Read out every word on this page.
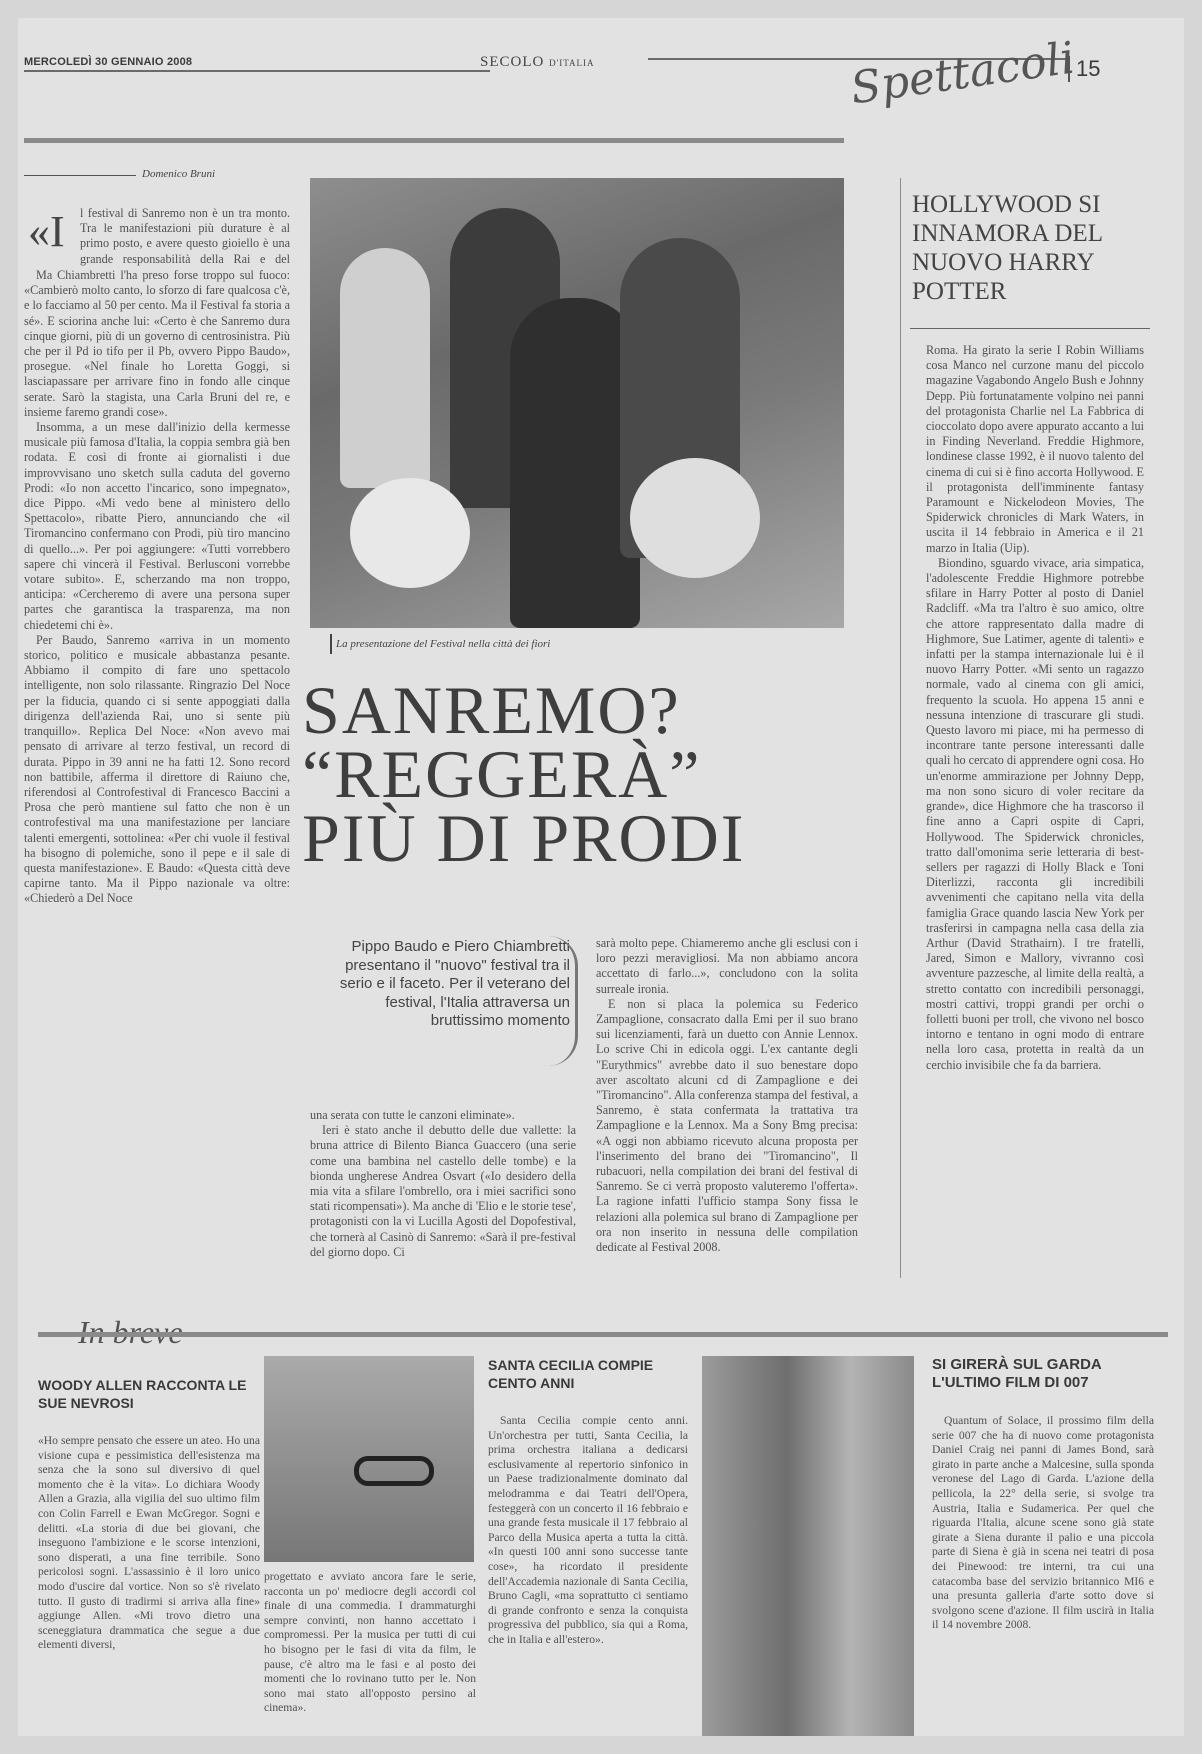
MERCOLEDÌ 30 GENNAIO 2008	SECOLO D'ITALIA	Spettacoli
15
Domenico Bruni
«I l festival di Sanremo non è un tra monto. Tra le manifestazioni più durature è al primo posto, e avere questo gioiello è una grande responsabilità della Rai e del

Ma Chiambretti l'ha preso forse troppo sul fuoco: «Cambierò molto canto, lo sforzo di fare qualcosa c'è, e lo facciamo al 50 per cento. Ma il Festival fa storia a sé». E sciorina anche lui: «Certo è che Sanremo dura cinque giorni, più di un governo di centrosinistra. Più che per il Pd io tifo per il Pb, ovvero Pippo Baudo», prosegue. «Nel finale ho Loretta Goggi, si lasciapassare per arrivare fino in fondo alle cinque serate. Sarò la stagista, una Carla Bruni del re, e insieme faremo grandi cose».

Insomma, a un mese dall'inizio della kermesse musicale più famosa d'Italia, la coppia sembra già ben rodata. E così di fronte ai giornalisti i due improvvisano uno sketch sulla caduta del governo Prodi: «Io non accetto l'incarico, sono impegnato», dice Pippo. «Mi vedo bene al ministero dello Spettacolo», ribatte Piero, annunciando che «il Tiromancino confermano con Prodi, più tiro mancino di quello...». Per poi aggiungere: «Tutti vorrebbero sapere chi vincerà il Festival. Berlusconi vorrebbe votare subito». E, scherzando ma non troppo, anticipa: «Cercheremo di avere una persona super partes che garantisca la trasparenza, ma non chiedetemi chi è».

Per Baudo, Sanremo «arriva in un momento storico, politico e musicale abbastanza pesante. Abbiamo il compito di fare uno spettacolo intelligente, non solo rilassante. Ringrazio Del Noce per la fiducia, quando ci si sente appoggiati dalla dirigenza dell'azienda Rai, uno si sente più tranquillo». Replica Del Noce: «Non avevo mai pensato di arrivare al terzo festival, un record di durata. Pippo in 39 anni ne ha fatti 12. Sono record non battibile, afferma il direttore di Raiuno che, riferendosi al Controfestival di Francesco Baccini a Prosa che però mantiene sul fatto che non è un controfestival ma una manifestazione per lanciare talenti emergenti, sottolinea: «Per chi vuole il festival ha bisogno di polemiche, sono il pepe e il sale di questa manifestazione». E Baudo: «Questa città deve capirne tanto. Ma il Pippo nazionale va oltre: «Chiederò a Del Noce

La presentazione del Festival nella città dei fiori
SANREMO?
“REGGERÀ”
PIÙ DI PRODI
Pippo Baudo e Piero Chiambretti presentano il "nuovo" festival tra il serio e il faceto. Per il veterano del festival, l'Italia attraversa un bruttissimo momento

una serata con tutte le canzoni eliminate».

Ieri è stato anche il debutto delle due vallette: la bruna attrice di Bilento Bianca Guaccero (una serie come una bambina nel castello delle tombe) e la bionda ungherese Andrea Osvart («Io desidero della mia vita a sfilare l'ombrello, ora i miei sacrifici sono stati ricompensati»). Ma anche di 'Elio e le storie tese', protagonisti con la vi Lucilla Agosti del Dopofestival, che tornerà al Casinò di Sanremo: «Sarà il pre-festival del giorno dopo. Ci

sarà molto pepe. Chiameremo anche gli esclusi con i loro pezzi meravigliosi. Ma non abbiamo ancora accettato di farlo...», concludono con la solita surreale ironia.

E non si placa la polemica su Federico Zampaglione, consacrato dalla Emi per il suo brano sui licenziamenti, farà un duetto con Annie Lennox. Lo scrive Chi in edicola oggi. L'ex cantante degli "Eurythmics" avrebbe dato il suo benestare dopo aver ascoltato alcuni cd di Zampaglione e dei "Tiromancino". Alla conferenza stampa del festival, a Sanremo, è stata confermata la trattativa tra Zampaglione e la Lennox. Ma a Sony Bmg precisa: «A oggi non abbiamo ricevuto alcuna proposta per l'inserimento del brano dei "Tiromancino", Il rubacuori, nella compilation dei brani del festival di Sanremo. Se ci verrà proposto valuteremo l'offerta». La ragione infatti l'ufficio stampa Sony fissa le relazioni alla polemica sul brano di Zampaglione per ora non inserito in nessuna delle compilation dedicate al Festival 2008.

HOLLYWOOD SI INNAMORA DEL NUOVO HARRY POTTER

Roma. Ha girato la serie I Robin Williams cosa Manco nel curzone manu del piccolo magazine Vagabondo Angelo Bush e Johnny Depp. Più fortunatamente volpino nei panni del protagonista Charlie nel La Fabbrica di cioccolato dopo avere appurato accanto a lui in Finding Neverland. Freddie Highmore, londinese classe 1992, è il nuovo talento del cinema di cui si è fino accorta Hollywood. E il protagonista dell'imminente fantasy Paramount e Nickelodeon Movies, The Spiderwick chronicles di Mark Waters, in uscita il 14 febbraio in America e il 21 marzo in Italia (Uip).

Biondino, sguardo vivace, aria simpatica, l'adolescente Freddie Highmore potrebbe sfilare in Harry Potter al posto di Daniel Radcliff. «Ma tra l'altro è suo amico, oltre che attore rappresentato dalla madre di Highmore, Sue Latimer, agente di talenti» e infatti per la stampa internazionale lui è il nuovo Harry Potter. «Mi sento un ragazzo normale, vado al cinema con gli amici, frequento la scuola. Ho appena 15 anni e nessuna intenzione di trascurare gli studi. Questo lavoro mi piace, mi ha permesso di incontrare tante persone interessanti dalle quali ho cercato di apprendere ogni cosa. Ho un'enorme ammirazione per Johnny Depp, ma non sono sicuro di voler recitare da grande», dice Highmore che ha trascorso il fine anno a Capri ospite di Capri, Hollywood. The Spiderwick chronicles, tratto dall'omonima serie letteraria di best-sellers per ragazzi di Holly Black e Toni Diterlizzi, racconta gli incredibili avvenimenti che capitano nella vita della famiglia Grace quando lascia New York per trasferirsi in campagna nella casa della zia Arthur (David Strathairn). I tre fratelli, Jared, Simon e Mallory, vivranno così avventure pazzesche, al limite della realtà, a stretto contatto con incredibili personaggi, mostri cattivi, troppi grandi per orchi o folletti buoni per troll, che vivono nel bosco intorno e tentano in ogni modo di entrare nella loro casa, protetta in realtà da un cerchio invisibile che fa da barriera.

WOODY ALLEN RACCONTA LE SUE NEVROSI

«Ho sempre pensato che essere un ateo. Ho una visione cupa e pessimistica dell'esistenza ma senza che la sono sul diversivo di quel momento che è la vita». Lo dichiara Woody Allen a Grazia, alla vigilia del suo ultimo film con Colin Farrell e Ewan McGregor. Sogni e delitti. «La storia di due bei giovani, che inseguono l'ambizione e le scorse intenzioni, sono disperati, a una fine terribile. Sono pericolosi sogni. L'assassinio è il loro unico modo d'uscire dal vortice. Non so s'è rivelato tutto. Il gusto di tradirmi si arriva alla fine» aggiunge Allen. «Mi trovo dietro una sceneggiatura drammatica che segue a due elementi diversi,

progettato e avviato ancora fare le serie, racconta un po' mediocre degli accordi col finale di una commedia. I drammaturghi sempre convinti, non hanno accettato i compromessi. Per la musica per tutti di cui ho bisogno per le fasi di vita da film, le pause, c'è altro ma le fasi e al posto dei momenti che lo rovinano tutto per le. Non sono mai stato all'opposto persino al cinema».

SANTA CECILIA COMPIE CENTO ANNI

Santa Cecilia compie cento anni. Un'orchestra per tutti, Santa Cecilia, la prima orchestra italiana a dedicarsi esclusivamente al repertorio sinfonico in un Paese tradizionalmente dominato dal melodramma e dai Teatri dell'Opera, festeggerà con un concerto il 16 febbraio e una grande festa musicale il 17 febbraio al Parco della Musica aperta a tutta la città. «In questi 100 anni sono successe tante cose», ha ricordato il presidente dell'Accademia nazionale di Santa Cecilia, Bruno Cagli, «ma soprattutto ci sentiamo di grande confronto e senza la conquista progressiva del pubblico, sia qui a Roma, che in Italia e all'estero».

SI GIRERÀ SUL GARDA L'ULTIMO FILM DI 007

Quantum of Solace, il prossimo film della serie 007 che ha di nuovo come protagonista Daniel Craig nei panni di James Bond, sarà girato in parte anche a Malcesine, sulla sponda veronese del Lago di Garda. L'azione della pellicola, la 22° della serie, si svolge tra Austria, Italia e Sudamerica. Per quel che riguarda l'Italia, alcune scene sono già state girate a Siena durante il palio e una piccola parte di Siena è già in scena nei teatri di posa dei Pinewood: tre interni, tra cui una catacomba base del servizio britannico MI6 e una presunta galleria d'arte sotto dove si svolgono scene d'azione. Il film uscirà in Italia il 14 novembre 2008.
